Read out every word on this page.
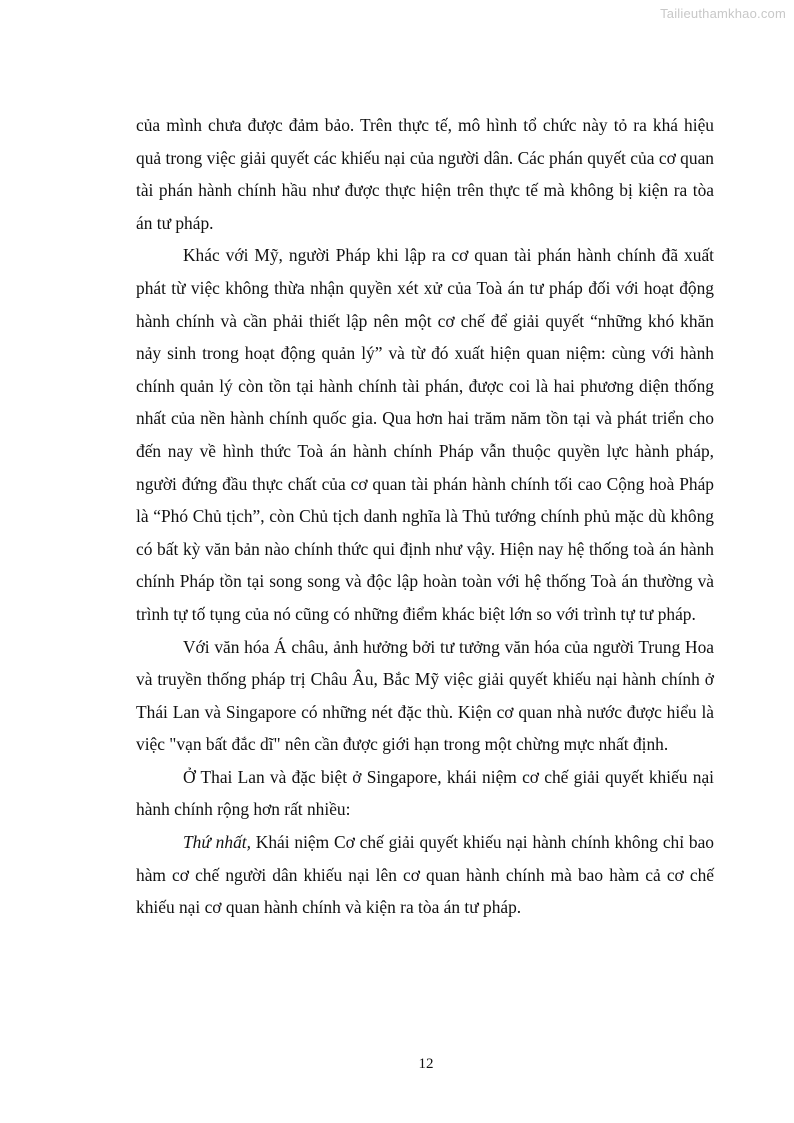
Tailieuthamkhao.com

của mình chưa được đảm bảo. Trên thực tế, mô hình tổ chức này tỏ ra khá hiệu quả trong việc giải quyết các khiếu nại của người dân. Các phán quyết của cơ quan tài phán hành chính hầu như được thực hiện trên thực tế mà không bị kiện ra tòa án tư pháp.

Khác với Mỹ, người Pháp khi lập ra cơ quan tài phán hành chính đã xuất phát từ việc không thừa nhận quyền xét xử của Toà án tư pháp đối với hoạt động hành chính và cần phải thiết lập nên một cơ chế để giải quyết “những khó khăn nảy sinh trong hoạt động quản lý” và từ đó xuất hiện quan niệm: cùng với hành chính quản lý còn tồn tại hành chính tài phán, được coi là hai phương diện thống nhất của nền hành chính quốc gia. Qua hơn hai trăm năm tồn tại và phát triển cho đến nay về hình thức Toà án hành chính Pháp vẫn thuộc quyền lực hành pháp, người đứng đầu thực chất của cơ quan tài phán hành chính tối cao Cộng hoà Pháp là “Phó Chủ tịch”, còn Chủ tịch danh nghĩa là Thủ tướng chính phủ mặc dù không có bất kỳ văn bản nào chính thức qui định như vậy. Hiện nay hệ thống toà án hành chính Pháp tồn tại song song và độc lập hoàn toàn với hệ thống Toà án thường và trình tự tố tụng của nó cũng có những điểm khác biệt lớn so với trình tự tư pháp.

Với văn hóa Á châu, ảnh hưởng bởi tư tưởng văn hóa của người Trung Hoa và truyền thống pháp trị Châu Âu, Bắc Mỹ việc giải quyết khiếu nại hành chính ở Thái Lan và Singapore có những nét đặc thù. Kiện cơ quan nhà nước được hiểu là việc "vạn bất đắc dĩ" nên cần được giới hạn trong một chừng mực nhất định.

Ở Thai Lan và đặc biệt ở Singapore, khái niệm cơ chế giải quyết khiếu nại hành chính rộng hơn rất nhiều:

Thứ nhất, Khái niệm Cơ chế giải quyết khiếu nại hành chính không chỉ bao hàm cơ chế người dân khiếu nại lên cơ quan hành chính mà bao hàm cả cơ chế khiếu nại cơ quan hành chính và kiện ra tòa án tư pháp.

12
